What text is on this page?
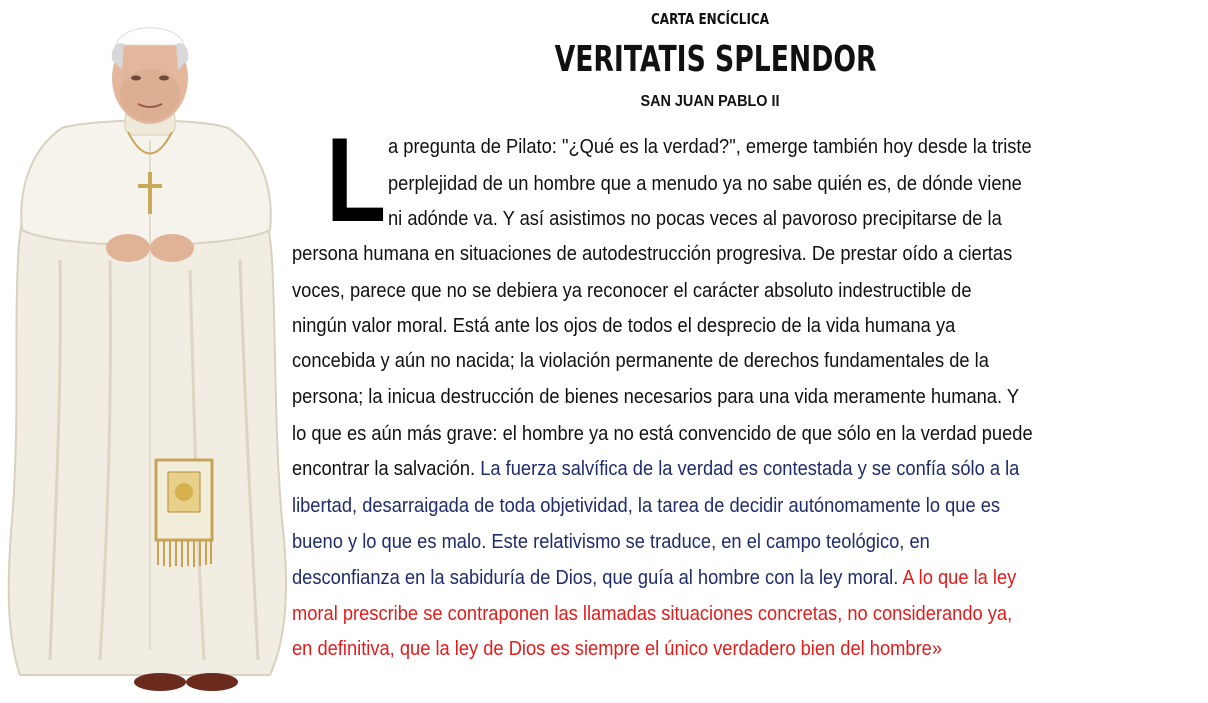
CARTA ENCÍCLICA
VERITATIS SPLENDOR
SAN JUAN PABLO II
L a pregunta de Pilato: "¿Qué es la verdad?", emerge también hoy desde la triste
perplejidad de un hombre que a menudo ya no sabe quién es, de dónde viene
ni adónde va. Y así asistimos no pocas veces al pavoroso precipitarse de la
persona humana en situaciones de autodestrucción progresiva. De prestar oído a ciertas
voces, parece que no se debiera ya reconocer el carácter absoluto indestructible de
ningún valor moral. Está ante los ojos de todos el desprecio de la vida humana ya
concebida y aún no nacida; la violación permanente de derechos fundamentales de la
persona; la inicua destrucción de bienes necesarios para una vida meramente humana. Y
lo que es aún más grave: el hombre ya no está convencido de que sólo en la verdad puede
encontrar la salvación. La fuerza salvífica de la verdad es contestada y se confía sólo a la
libertad, desarraigada de toda objetividad, la tarea de decidir autónomamente lo que es
bueno y lo que es malo. Este relativismo se traduce, en el campo teológico, en
desconfianza en la sabiduría de Dios, que guía al hombre con la ley moral. A lo que la ley
moral prescribe se contraponen las llamadas situaciones concretas, no considerando ya,
en definitiva, que la ley de Dios es siempre el único verdadero bien del hombre»
